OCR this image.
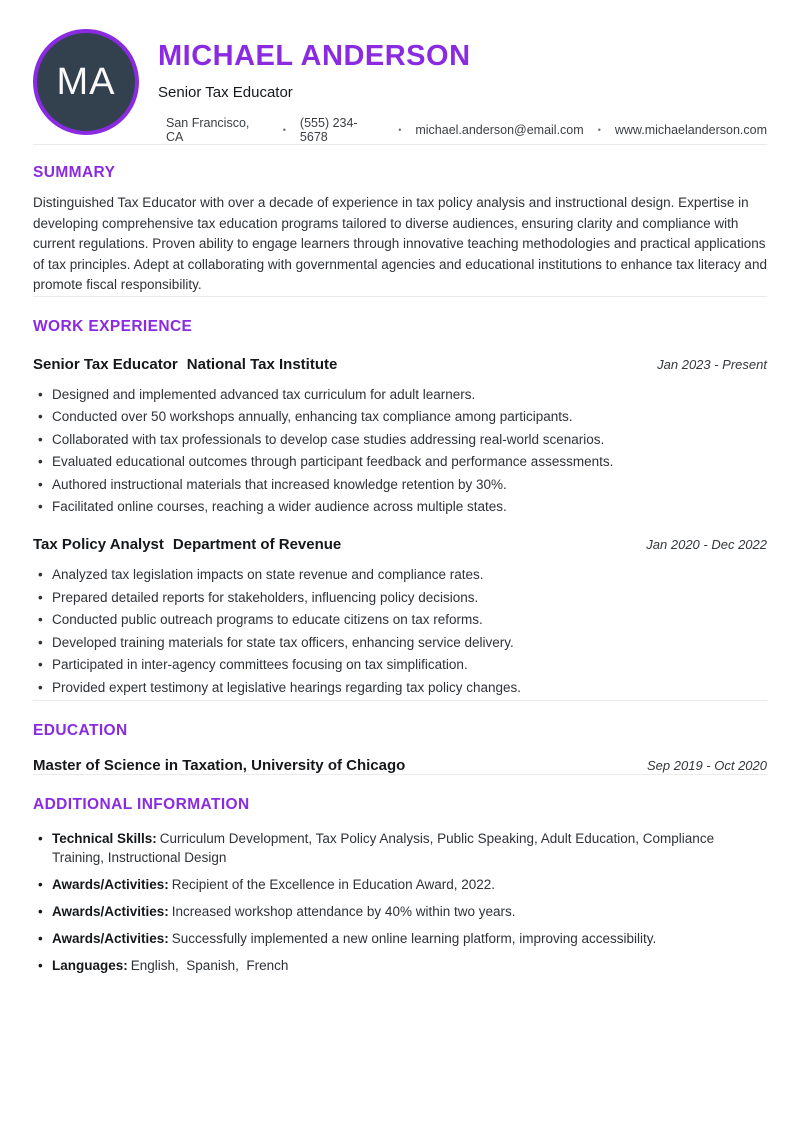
MA
MICHAEL ANDERSON
Senior Tax Educator
San Francisco, CA	• (555) 234-5678	• michael.anderson@email.com • www.michaelanderson.com
SUMMARY

Distinguished Tax Educator with over a decade of experience in tax policy analysis and instructional design. Expertise in developing comprehensive tax education programs tailored to diverse audiences, ensuring clarity and compliance with current regulations. Proven ability to engage learners through innovative teaching methodologies and practical applications of tax principles. Adept at collaborating with governmental agencies and educational institutions to enhance tax literacy and promote fiscal responsibility.

WORK EXPERIENCE
Senior Tax Educator National Tax Institute	Jan 2023 - Present
• Designed and implemented advanced tax curriculum for adult learners.
• Conducted over 50 workshops annually, enhancing tax compliance among participants.
• Collaborated with tax professionals to develop case studies addressing real-world scenarios.
• Evaluated educational outcomes through participant feedback and performance assessments.
• Authored instructional materials that increased knowledge retention by 30%.
• Facilitated online courses, reaching a wider audience across multiple states.
Tax Policy Analyst Department of Revenue	Jan 2020 - Dec 2022
• Analyzed tax legislation impacts on state revenue and compliance rates.
• Prepared detailed reports for stakeholders, influencing policy decisions.
• Conducted public outreach programs to educate citizens on tax reforms.
• Developed training materials for state tax officers, enhancing service delivery.
• Participated in inter-agency committees focusing on tax simplification.
• Provided expert testimony at legislative hearings regarding tax policy changes.
EDUCATION
Master of Science in Taxation, University of Chicago	Sep 2019 - Oct 2020
ADDITIONAL INFORMATION
• Technical Skills: Curriculum Development, Tax Policy Analysis, Public Speaking, Adult Education, Compliance Training, Instructional Design
• Awards/Activities: Recipient of the Excellence in Education Award, 2022.
• Awards/Activities: Increased workshop attendance by 40% within two years.
• Awards/Activities: Successfully implemented a new online learning platform, improving accessibility.
• Languages: English,  Spanish,  French
